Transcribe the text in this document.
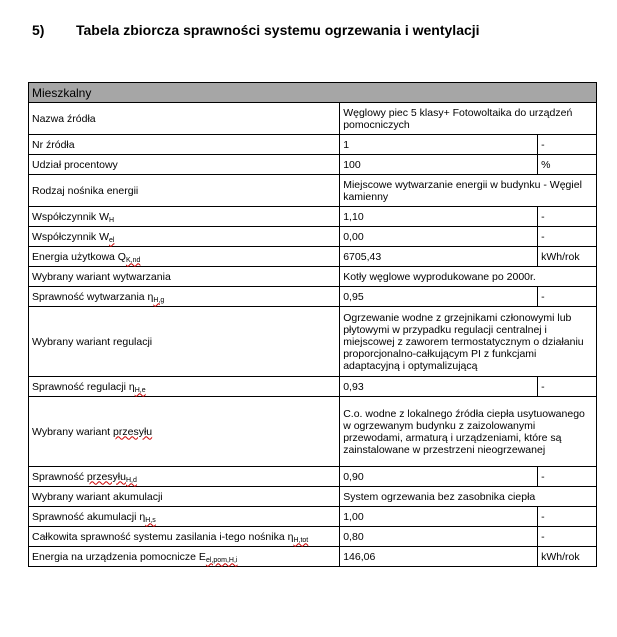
5) Tabela zbiorcza sprawności systemu ogrzewania i wentylacji
Mieszkalny		
Nazwa źródła	Węglowy piec 5 klasy+ Fotowoltaika do urządzeń pomocniczych	
Nr źródła	1	-
Udział procentowy	100	%
Rodzaj nośnika energii	Miejscowe wytwarzanie energii w budynku - Węgiel kamienny	
Współczynnik $W_H$	1,10	-
Współczynnik $W_{el}$	0,00	-
Energia użytkowa $Q_{K,nd}$	6705,43	kWh/rok
Wybrany wariant wytwarzania	Kotły węglowe wyprodukowane po 2000r.	
Sprawność wytwarzania $\eta_{H,g}$	0,95	-
Wybrany wariant regulacji	Ogrzewanie wodne z grzejnikami członowymi lub płytowymi w przypadku regulacji centralnej i miejscowej z zaworem termostatycznym o działaniu proporcjonalno-całkującym PI z funkcjami adaptacyjną i optymalizującą	
Sprawność regulacji $\eta_{H,e}$	0,93	-
Wybrany wariant przesyłu	C.o. wodne z lokalnego źródła ciepła usytuowanego w ogrzewanym budynku z zaizolowanymi przewodami, armaturą i urządzeniami, które są zainstalowane w przestrzeni nieogrzewanej	
Sprawność przesyłu$_{H,d}$	0,90	-
Wybrany wariant akumulacji	System ogrzewania bez zasobnika ciepła	
Sprawność akumulacji $\eta_{H,s}$	1,00	-
Całkowita sprawność systemu zasilania i-tego nośnika $\eta_{H,tot}$	0,80	-
Energia na urządzenia pomocnicze $E_{el,pom,H,i}$	146,06	kWh/rok
